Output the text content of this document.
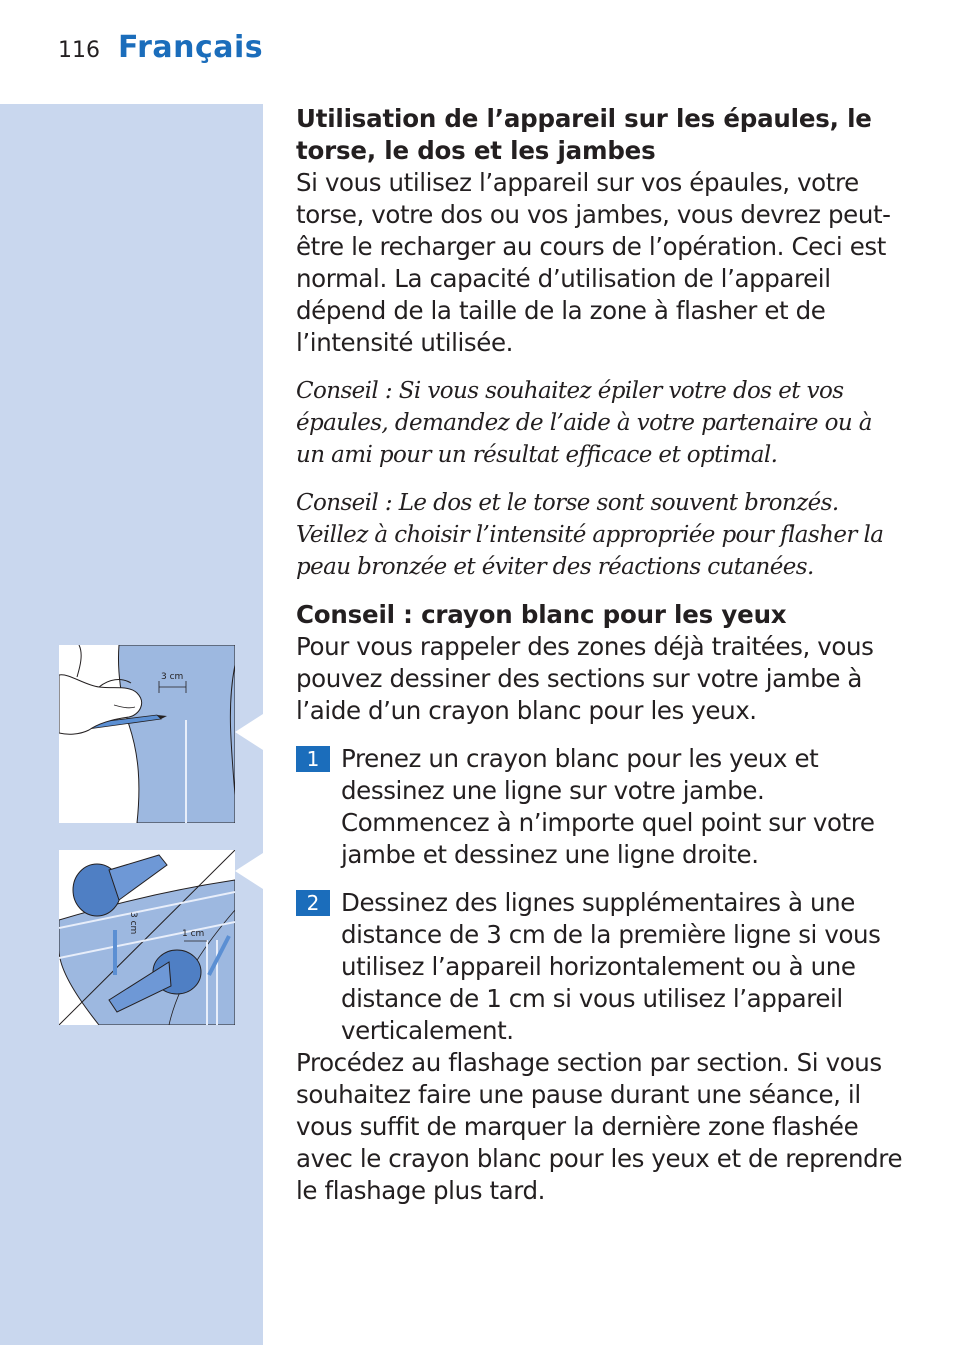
116 Français
3 cm
3 cm	1 cm

Utilisation de l’appareil sur les épaules, le torse, le dos et les jambes

Si vous utilisez l’appareil sur vos épaules, votre torse, votre dos ou vos jambes, vous devrez peut-être le recharger au cours de l’opération. Ceci est normal. La capacité d’utilisation de l’appareil dépend de la taille de la zone à flasher et de l’intensité utilisée.

Conseil : Si vous souhaitez épiler votre dos et vos épaules, demandez de l’aide à votre partenaire ou à un ami pour un résultat efficace et optimal.

Conseil : Le dos et le torse sont souvent bronzés. Veillez à choisir l’intensité appropriée pour flasher la peau bronzée et éviter des réactions cutanées.

Conseil : crayon blanc pour les yeux

Pour vous rappeler des zones déjà traitées, vous pouvez dessiner des sections sur votre jambe à l’aide d’un crayon blanc pour les yeux.

1 Prenez un crayon blanc pour les yeux et dessinez une ligne sur votre jambe. Commencez à n’importe quel point sur votre jambe et dessinez une ligne droite.
2 Dessinez des lignes supplémentaires à une distance de 3 cm de la première ligne si vous utilisez l’appareil horizontalement ou à une distance de 1 cm si vous utilisez l’appareil verticalement.

Procédez au flashage section par section. Si vous souhaitez faire une pause durant une séance, il vous suffit de marquer la dernière zone flashée avec le crayon blanc pour les yeux et de reprendre le flashage plus tard.
